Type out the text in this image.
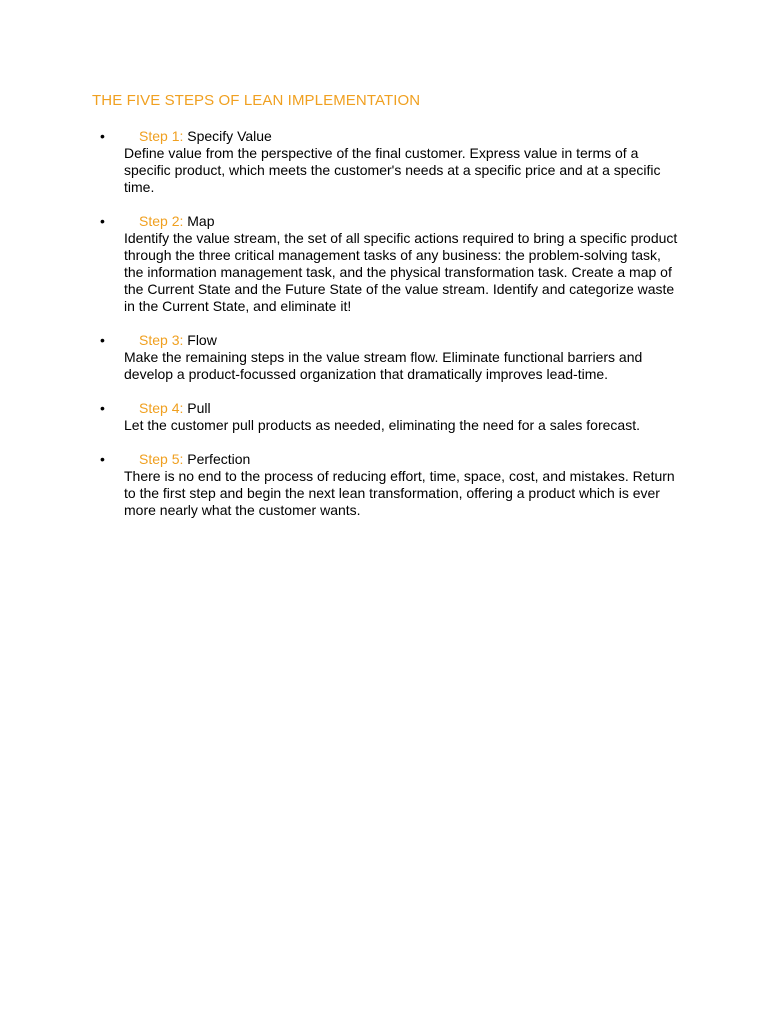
THE FIVE STEPS OF LEAN IMPLEMENTATION
• Step 1: Specify Value

Define value from the perspective of the final customer. Express value in terms of a specific product, which meets the customer's needs at a specific price and at a specific time.

• Step 2: Map

Identify the value stream, the set of all specific actions required to bring a specific product through the three critical management tasks of any business: the problem-solving task, the information management task, and the physical transformation task. Create a map of the Current State and the Future State of the value stream. Identify and categorize waste in the Current State, and eliminate it!

• Step 3: Flow

Make the remaining steps in the value stream flow. Eliminate functional barriers and develop a product-focussed organization that dramatically improves lead-time.

• Step 4: Pull

Let the customer pull products as needed, eliminating the need for a sales forecast.

• Step 5: Perfection

There is no end to the process of reducing effort, time, space, cost, and mistakes. Return to the first step and begin the next lean transformation, offering a product which is ever more nearly what the customer wants.
